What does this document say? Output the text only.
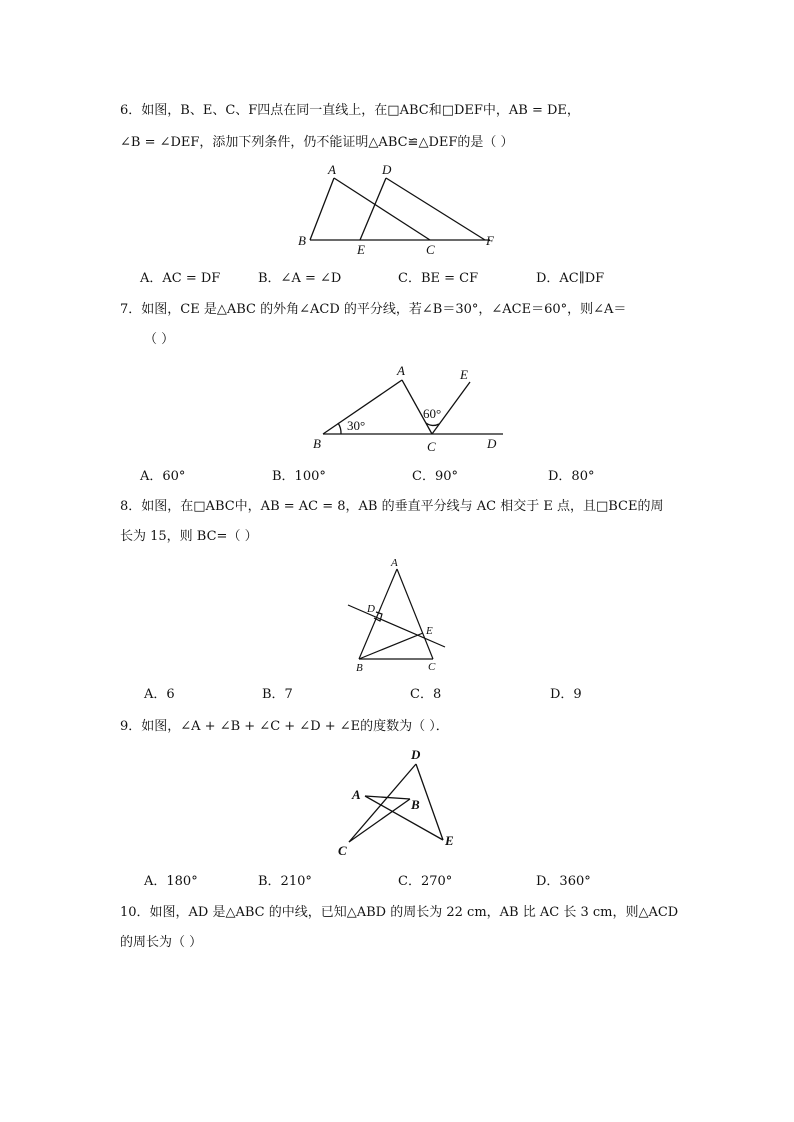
6．如图，B、E、C、F四点在同一直线上，在□ABC和□DEF中，AB = DE，
∠B = ∠DEF，添加下列条件，仍不能证明△ABC≌△DEF的是（ ）
A	D
B
E	C
F
A．AC = DF	B．∠A = ∠D	C．BE = CF	D．AC∥DF
7．如图，CE 是△ABC 的外角∠ACD 的平分线，若∠B＝30°，∠ACE＝60°，则∠A＝
（ ）
A	E
B	C	D
30°
60°
A．60°	B．100°	C．90°	D．80°
8．如图，在□ABC中，AB = AC = 8，AB 的垂直平分线与 AC 相交于 E 点，且□BCE的周
长为 15，则 BC=（ ）
A
D
E
B	C
A．6	B．7	C．8	D．9
9．如图，∠A + ∠B + ∠C + ∠D + ∠E的度数为（ ）．
D
A
B
C
E
A．180°	B．210°	C．270°	D．360°
10．如图，AD 是△ABC 的中线，已知△ABD 的周长为 22 cm，AB 比 AC 长 3 cm，则△ACD
的周长为（ ）
